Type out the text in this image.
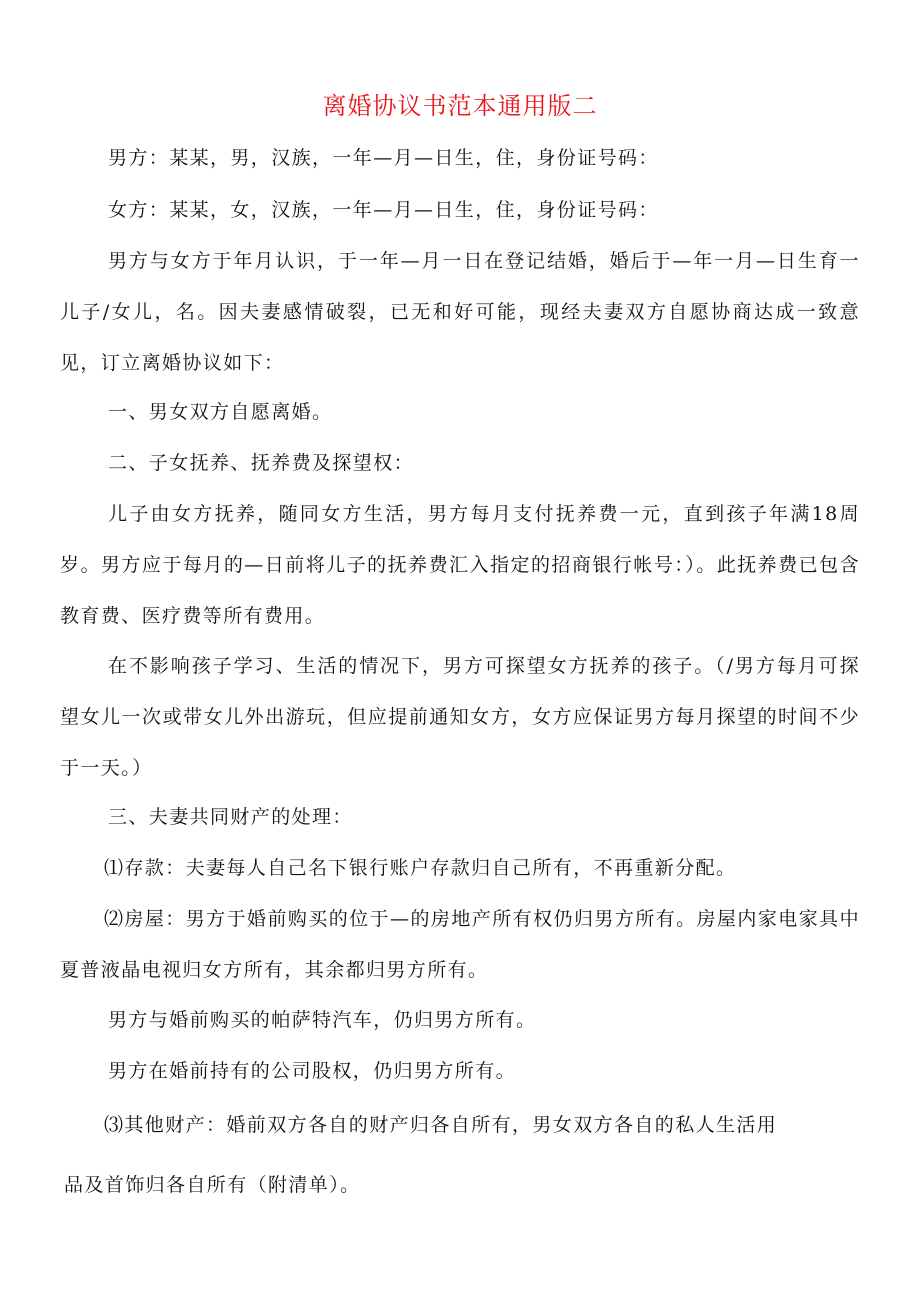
离婚协议书范本通用版二

男方：某某，男，汉族，一年—月—日生，住，身份证号码：

女方：某某，女，汉族，一年—月—日生，住，身份证号码：

男方与女方于年月认识，于一年—月一日在登记结婚，婚后于—年一月—日生育一儿子/女儿，名。因夫妻感情破裂，已无和好可能，现经夫妻双方自愿协商达成一致意见，订立离婚协议如下：

一、男女双方自愿离婚。

二、子女抚养、抚养费及探望权：

儿子由女方抚养，随同女方生活，男方每月支付抚养费一元，直到孩子年满18周岁。男方应于每月的—日前将儿子的抚养费汇入指定的招商银行帐号：）。此抚养费已包含教育费、医疗费等所有费用。

在不影响孩子学习、生活的情况下，男方可探望女方抚养的孩子。（/男方每月可探望女儿一次或带女儿外出游玩，但应提前通知女方，女方应保证男方每月探望的时间不少于一天。）

三、夫妻共同财产的处理：

⑴存款：夫妻每人自己名下银行账户存款归自己所有，不再重新分配。

⑵房屋：男方于婚前购买的位于—的房地产所有权仍归男方所有。房屋内家电家具中夏普液晶电视归女方所有，其余都归男方所有。

男方与婚前购买的帕萨特汽车，仍归男方所有。

男方在婚前持有的公司股权，仍归男方所有。

⑶其他财产：婚前双方各自的财产归各自所有，男女双方各自的私人生活用

品及首饰归各自所有（附清单）。
